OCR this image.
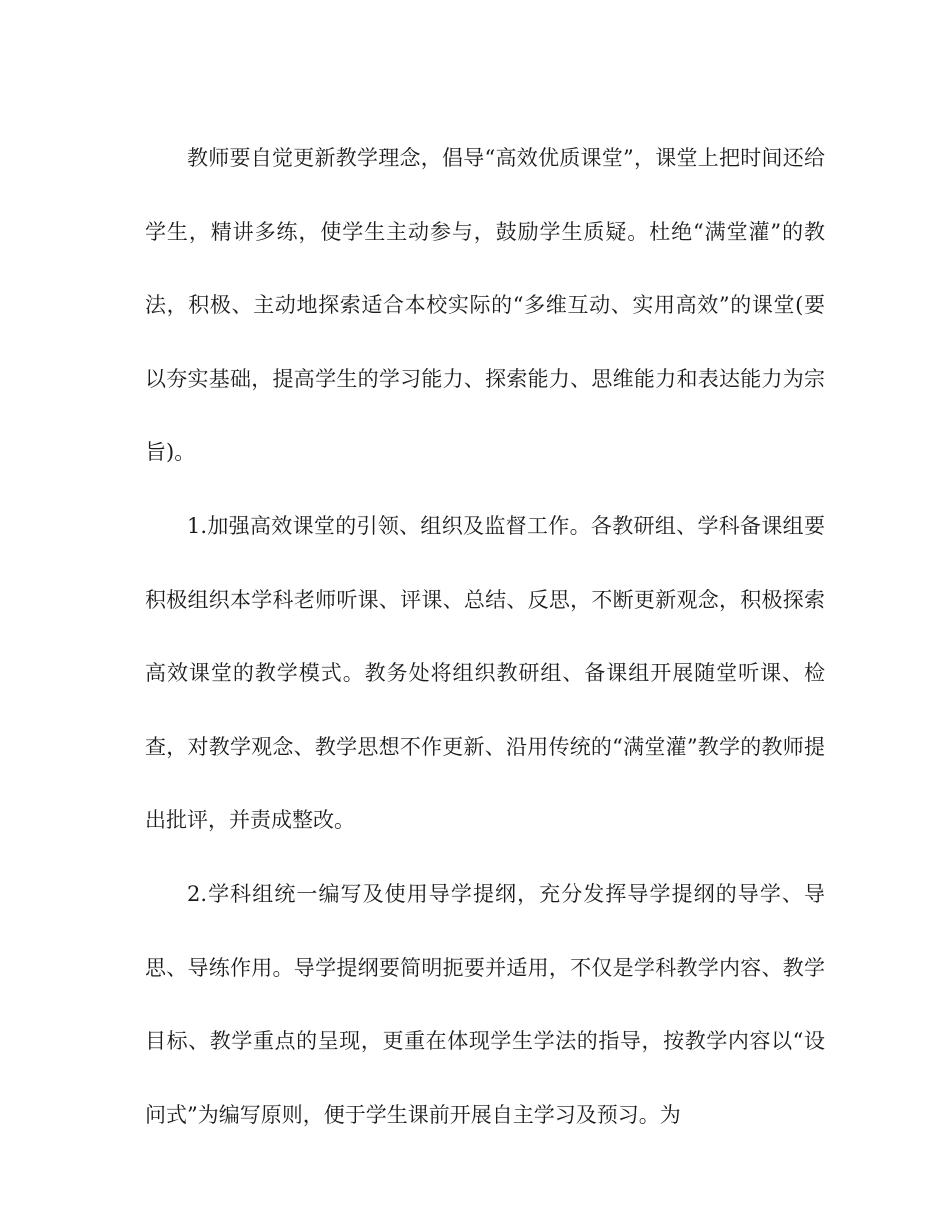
教师要自觉更新教学理念，倡导“高效优质课堂”，课堂上把时间还给学生，精讲多练，使学生主动参与，鼓励学生质疑。杜绝“满堂灌”的教法，积极、主动地探索适合本校实际的“多维互动、实用高效”的课堂(要以夯实基础，提高学生的学习能力、探索能力、思维能力和表达能力为宗旨)。

1.加强高效课堂的引领、组织及监督工作。各教研组、学科备课组要积极组织本学科老师听课、评课、总结、反思，不断更新观念，积极探索高效课堂的教学模式。教务处将组织教研组、备课组开展随堂听课、检查，对教学观念、教学思想不作更新、沿用传统的“满堂灌”教学的教师提出批评，并责成整改。

2.学科组统一编写及使用导学提纲，充分发挥导学提纲的导学、导思、导练作用。导学提纲要简明扼要并适用，不仅是学科教学内容、教学目标、教学重点的呈现，更重在体现学生学法的指导，按教学内容以“设问式”为编写原则，便于学生课前开展自主学习及预习。为
